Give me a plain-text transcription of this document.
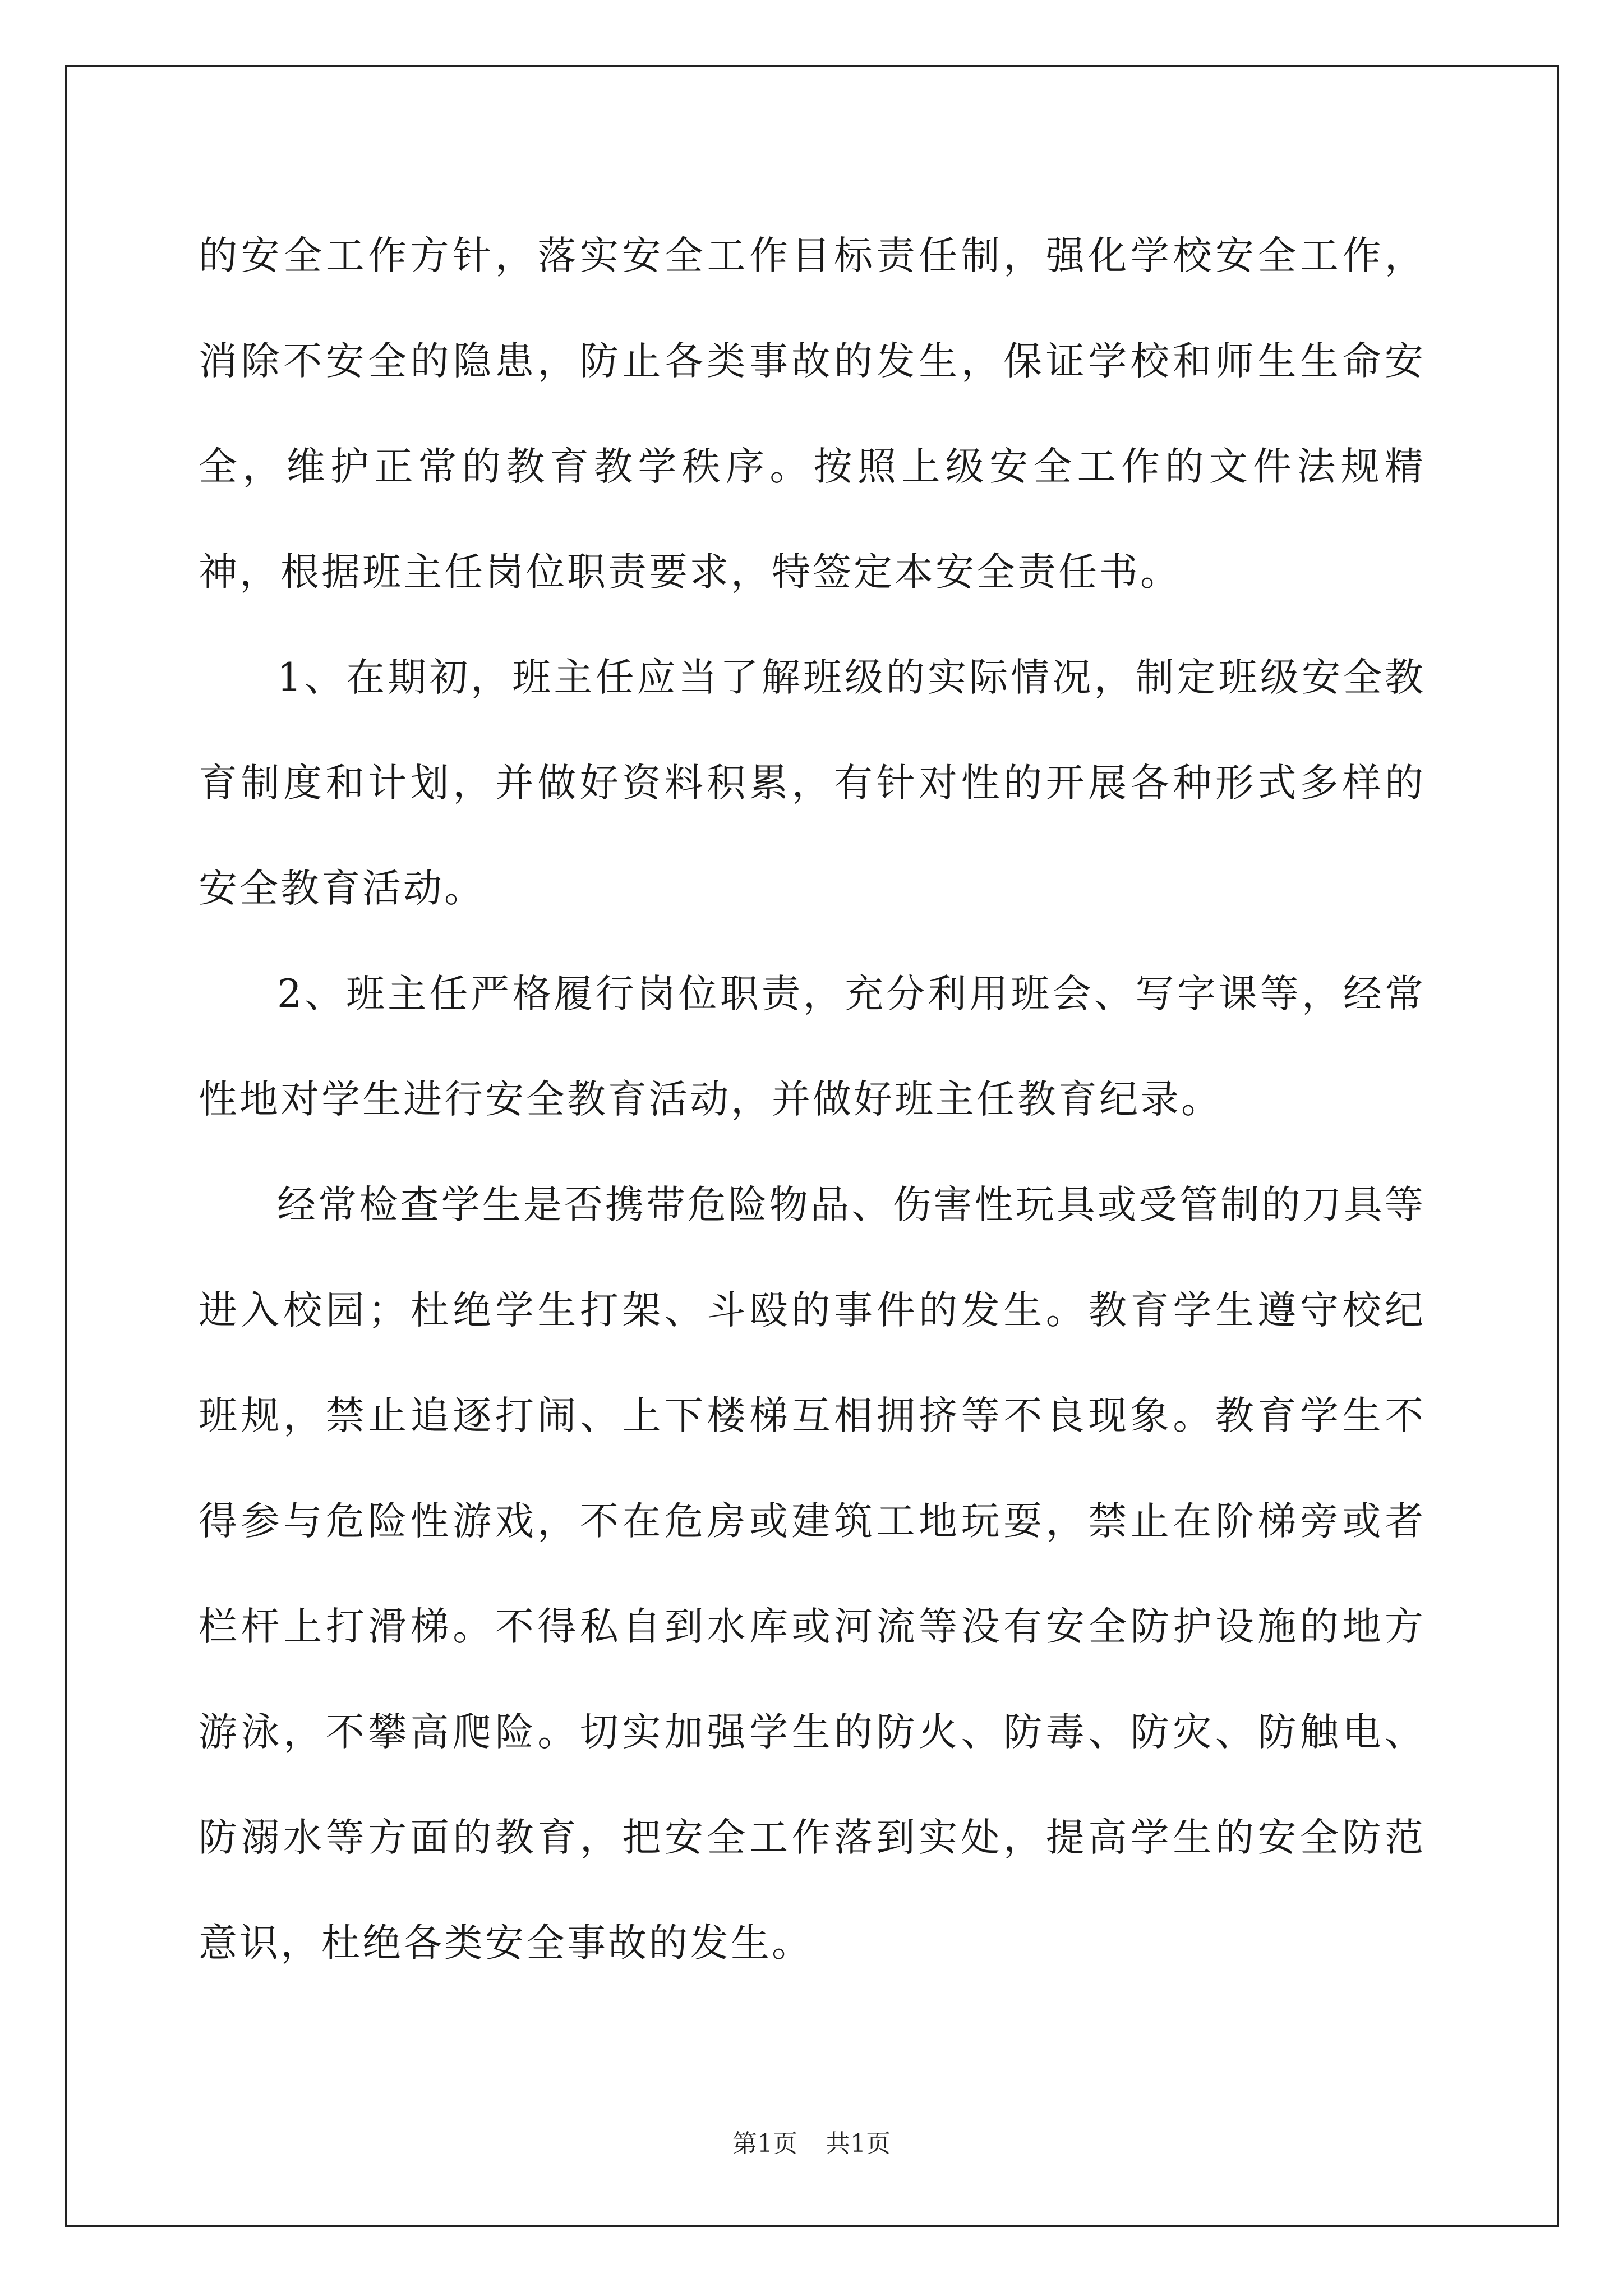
的安全工作方针，落实安全工作目标责任制，强化学校安全工作，消除不安全的隐患，防止各类事故的发生，保证学校和师生生命安全，维护正常的教育教学秩序。按照上级安全工作的文件法规精神，根据班主任岗位职责要求，特签定本安全责任书。

1、在期初，班主任应当了解班级的实际情况，制定班级安全教育制度和计划，并做好资料积累，有针对性的开展各种形式多样的安全教育活动。

2、班主任严格履行岗位职责，充分利用班会、写字课等，经常性地对学生进行安全教育活动，并做好班主任教育纪录。

经常检查学生是否携带危险物品、伤害性玩具或受管制的刀具等进入校园；杜绝学生打架、斗殴的事件的发生。教育学生遵守校纪班规，禁止追逐打闹、上下楼梯互相拥挤等不良现象。教育学生不得参与危险性游戏，不在危房或建筑工地玩耍，禁止在阶梯旁或者栏杆上打滑梯。不得私自到水库或河流等没有安全防护设施的地方游泳，不攀高爬险。切实加强学生的防火、防毒、防灾、防触电、防溺水等方面的教育，把安全工作落到实处，提高学生的安全防范意识，杜绝各类安全事故的发生。

第1页 共1页
